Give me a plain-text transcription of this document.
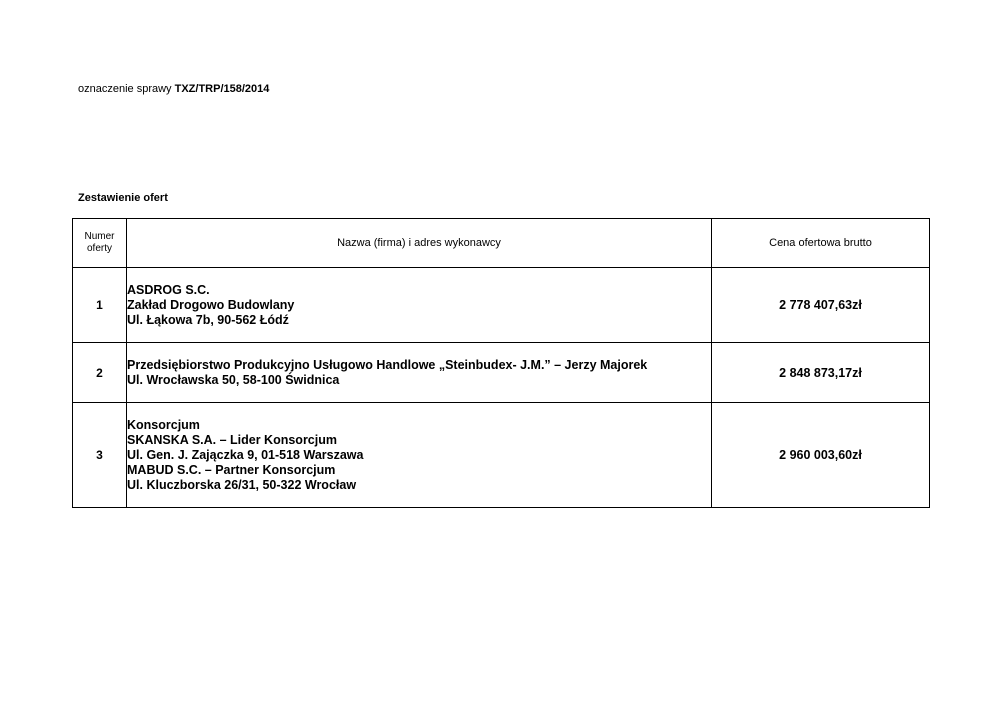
oznaczenie sprawy TXZ/TRP/158/2014
Zestawienie ofert
Numer
oferty	Nazwa (firma) i adres wykonawcy	Cena ofertowa brutto
1	ASDROG S.C.
Zakład Drogowo Budowlany
Ul. Łąkowa 7b, 90-562 Łódź	2 778 407,63zł
2	Przedsiębiorstwo Produkcyjno Usługowo Handlowe „Steinbudex- J.M.” – Jerzy Majorek
Ul. Wrocławska 50, 58-100 Świdnica	2 848 873,17zł
3	Konsorcjum
SKANSKA S.A. – Lider Konsorcjum
Ul. Gen. J. Zajączka 9, 01-518 Warszawa
MABUD S.C. – Partner Konsorcjum
Ul. Kluczborska 26/31, 50-322 Wrocław	2 960 003,60zł
